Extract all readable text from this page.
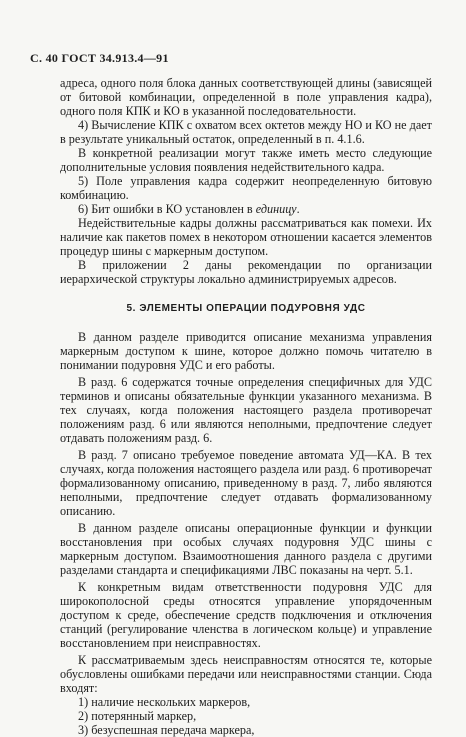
С. 40 ГОСТ 34.913.4—91

адреса, одного поля блока данных соответствующей длины (зависящей от битовой комбинации, определенной в поле управления кадра), одного поля КПК и КО в указанной последовательности.

4) Вычисление КПК с охватом всех октетов между НО и КО не дает в результате уникальный остаток, определенный в п. 4.1.6.

В конкретной реализации могут также иметь место следующие дополнительные условия появления недействительного кадра.

5) Поле управления кадра содержит неопределенную битовую комбинацию.

6) Бит ошибки в КО установлен в единицу.

Недействительные кадры должны рассматриваться как помехи. Их наличие как пакетов помех в некотором отношении касается элементов процедур шины с маркерным доступом.

В приложении 2 даны рекомендации по организации иерархической структуры локально администрируемых адресов.

5. ЭЛЕМЕНТЫ ОПЕРАЦИИ ПОДУРОВНЯ УДС

В данном разделе приводится описание механизма управления маркерным доступом к шине, которое должно помочь читателю в понимании подуровня УДС и его работы.

В разд. 6 содержатся точные определения специфичных для УДС терминов и описаны обязательные функции указанного механизма. В тех случаях, когда положения настоящего раздела противоречат положениям разд. 6 или являются неполными, предпочтение следует отдавать положениям разд. 6.

В разд. 7 описано требуемое поведение автомата УД—КА. В тех случаях, когда положения настоящего раздела или разд. 6 противоречат формализованному описанию, приведенному в разд. 7, либо являются неполными, предпочтение следует отдавать формализованному описанию.

В данном разделе описаны операционные функции и функции восстановления при особых случаях подуровня УДС шины с маркерным доступом. Взаимоотношения данного раздела с другими разделами стандарта и спецификациями ЛВС показаны на черт. 5.1.

К конкретным видам ответственности подуровня УДС для широкополосной среды относятся управление упорядоченным доступом к среде, обеспечение средств подключения и отключения станций (регулирование членства в логическом кольце) и управление восстановлением при неисправностях.

К рассматриваемым здесь неисправностям относятся те, которые обусловлены ошибками передачи или неисправностями станции. Сюда входят:

1) наличие нескольких маркеров,

2) потерянный маркер,

3) безуспешная передача маркера,
